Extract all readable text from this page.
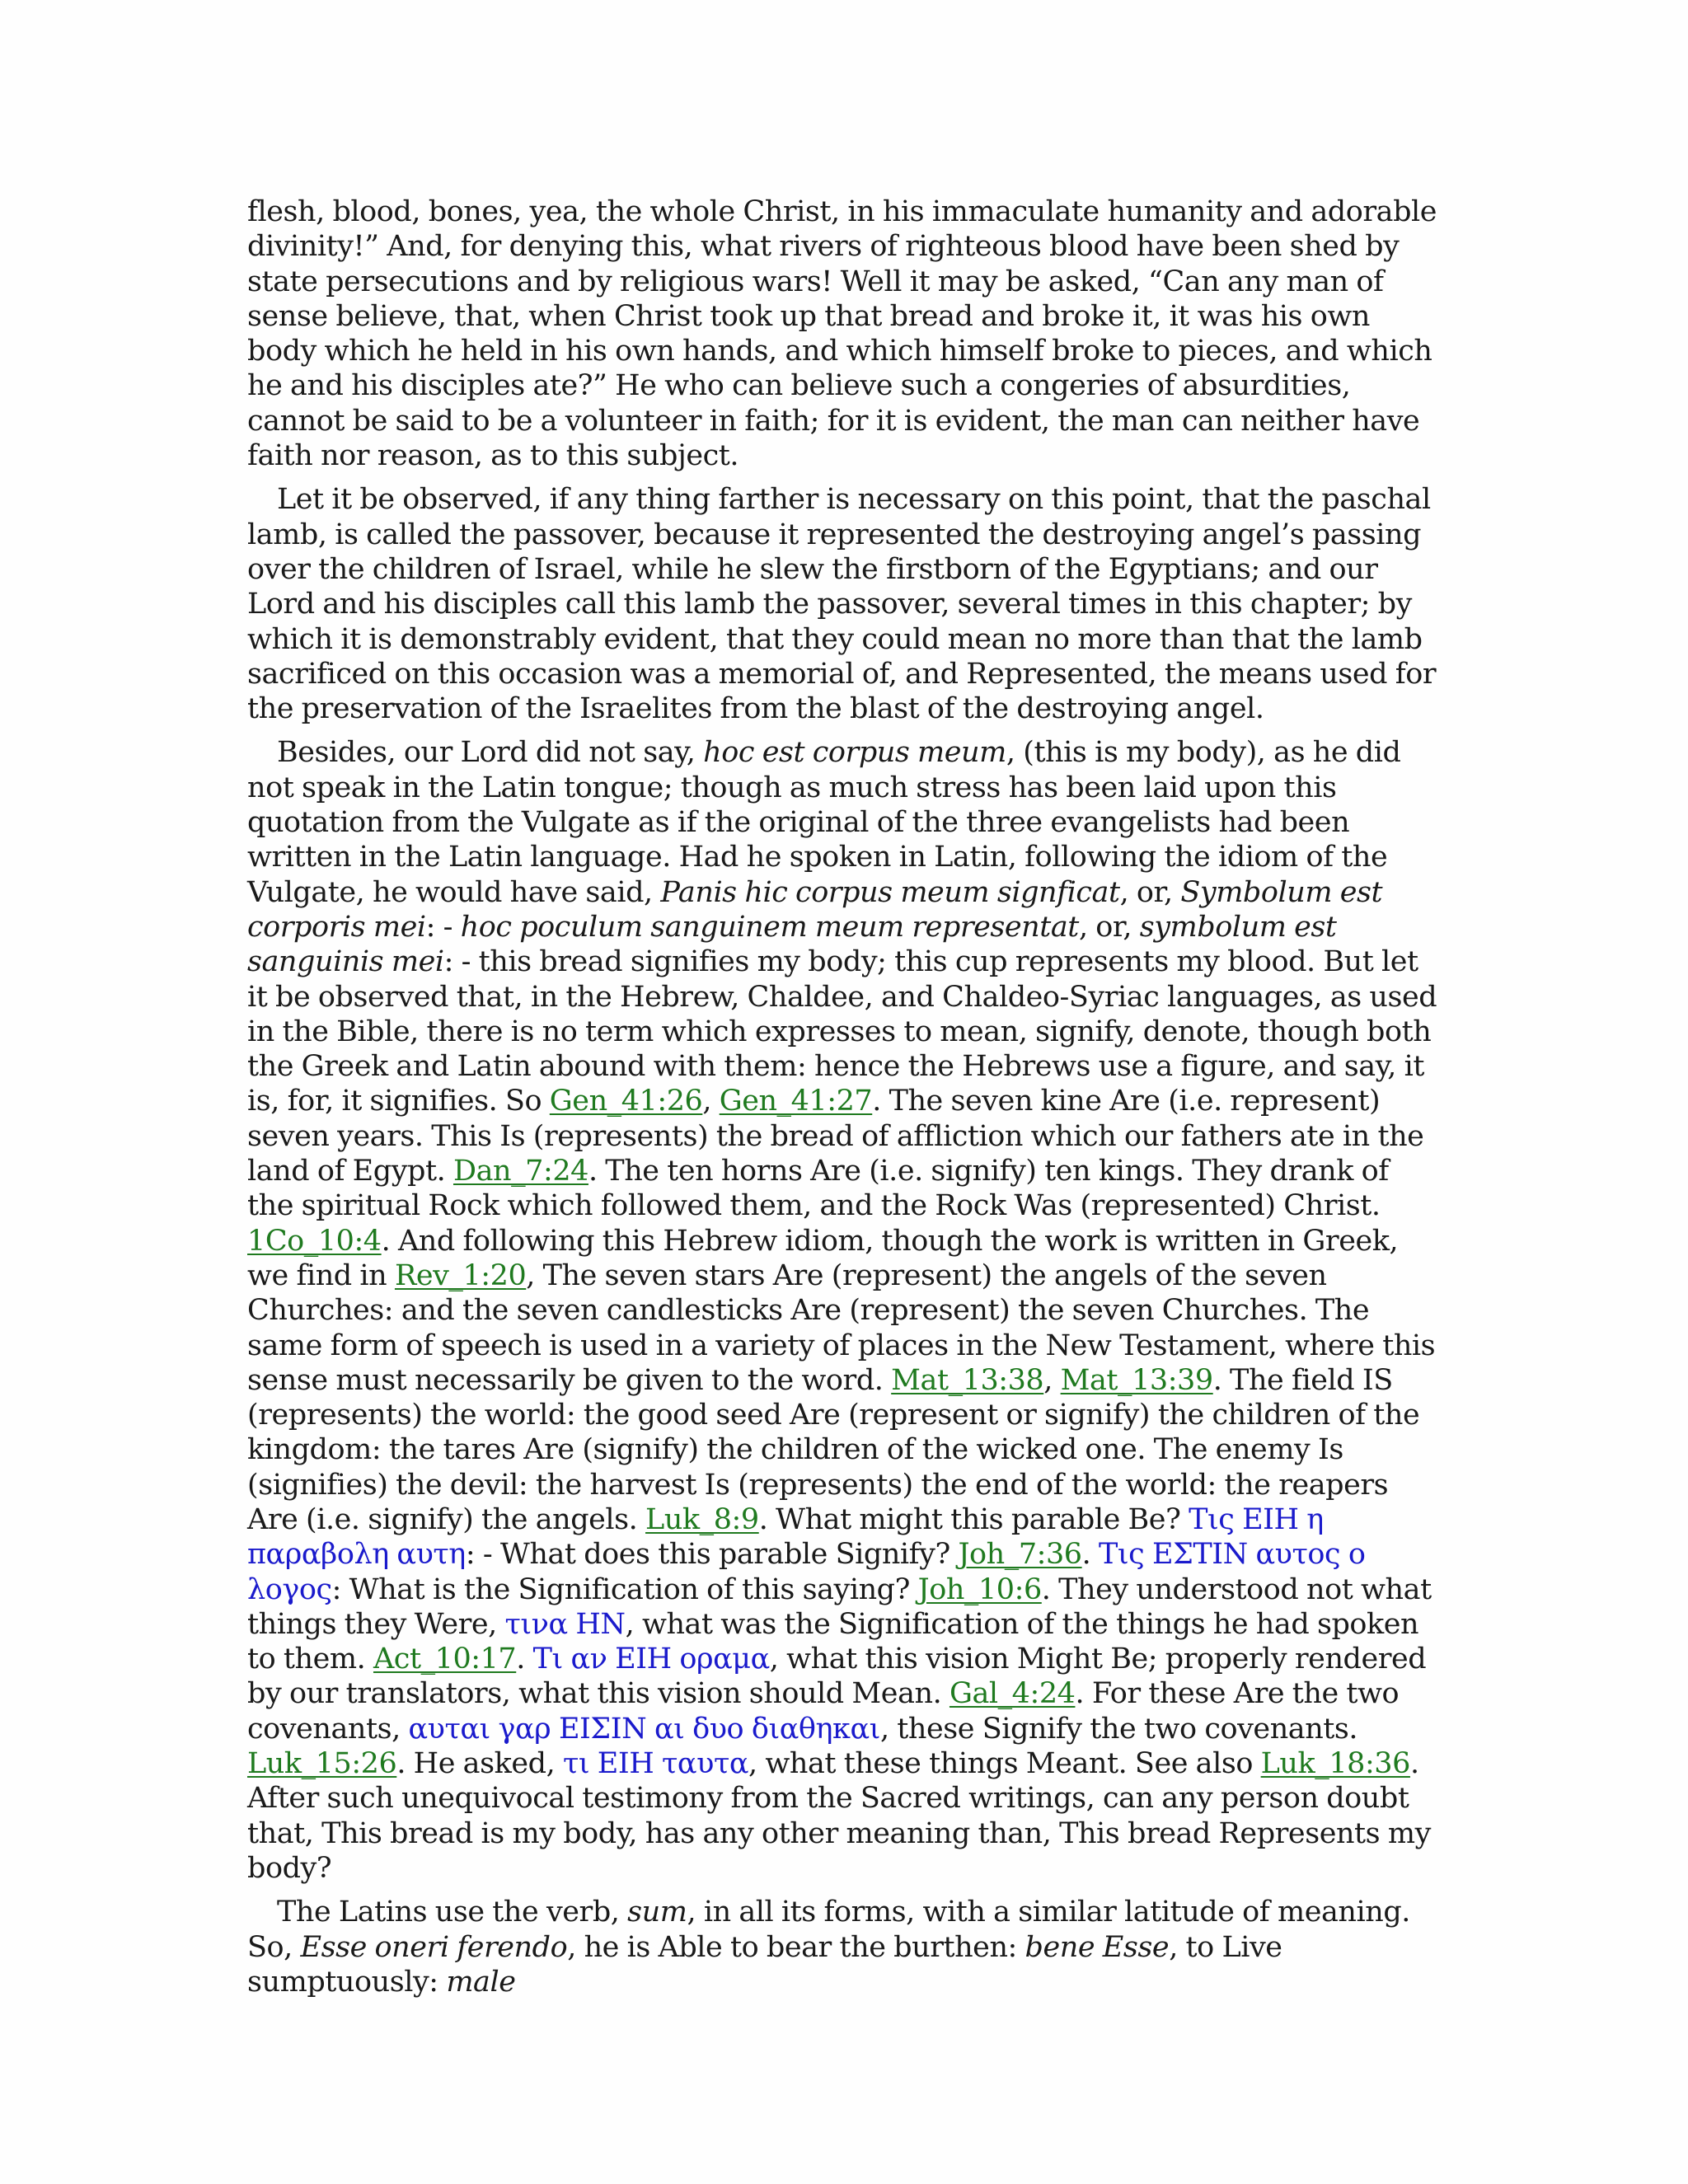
flesh, blood, bones, yea, the whole Christ, in his immaculate humanity and adorable divinity!” And, for denying this, what rivers of righteous blood have been shed by state persecutions and by religious wars! Well it may be asked, “Can any man of sense believe, that, when Christ took up that bread and broke it, it was his own body which he held in his own hands, and which himself broke to pieces, and which he and his disciples ate?” He who can believe such a congeries of absurdities, cannot be said to be a volunteer in faith; for it is evident, the man can neither have faith nor reason, as to this subject.

Let it be observed, if any thing farther is necessary on this point, that the paschal lamb, is called the passover, because it represented the destroying angel’s passing over the children of Israel, while he slew the firstborn of the Egyptians; and our Lord and his disciples call this lamb the passover, several times in this chapter; by which it is demonstrably evident, that they could mean no more than that the lamb sacrificed on this occasion was a memorial of, and Represented, the means used for the preservation of the Israelites from the blast of the destroying angel.

Besides, our Lord did not say, hoc est corpus meum, (this is my body), as he did not speak in the Latin tongue; though as much stress has been laid upon this quotation from the Vulgate as if the original of the three evangelists had been written in the Latin language. Had he spoken in Latin, following the idiom of the Vulgate, he would have said, Panis hic corpus meum signficat, or, Symbolum est corporis mei: - hoc poculum sanguinem meum representat, or, symbolum est sanguinis mei: - this bread signifies my body; this cup represents my blood. But let it be observed that, in the Hebrew, Chaldee, and Chaldeo-Syriac languages, as used in the Bible, there is no term which expresses to mean, signify, denote, though both the Greek and Latin abound with them: hence the Hebrews use a figure, and say, it is, for, it signifies. So Gen_41:26, Gen_41:27. The seven kine Are (i.e. represent) seven years. This Is (represents) the bread of affliction which our fathers ate in the land of Egypt. Dan_7:24. The ten horns Are (i.e. signify) ten kings. They drank of the spiritual Rock which followed them, and the Rock Was (represented) Christ. 1Co_10:4. And following this Hebrew idiom, though the work is written in Greek, we find in Rev_1:20, The seven stars Are (represent) the angels of the seven Churches: and the seven candlesticks Are (represent) the seven Churches. The same form of speech is used in a variety of places in the New Testament, where this sense must necessarily be given to the word. Mat_13:38, Mat_13:39. The field IS (represents) the world: the good seed Are (represent or signify) the children of the kingdom: the tares Are (signify) the children of the wicked one. The enemy Is (signifies) the devil: the harvest Is (represents) the end of the world: the reapers Are (i.e. signify) the angels. Luk_8:9. What might this parable Be? Τις ΕΙΗ η παραβολη αυτη: - What does this parable Signify? Joh_7:36. Τις ΕΣΤΙΝ αυτος ο λογος: What is the Signification of this saying? Joh_10:6. They understood not what things they Were, τινα ΗΝ, what was the Signification of the things he had spoken to them. Act_10:17. Τι αν ΕΙΗ οραμα, what this vision Might Be; properly rendered by our translators, what this vision should Mean. Gal_4:24. For these Are the two covenants, αυται γαρ ΕΙΣΙΝ αι δυο διαθηκαι, these Signify the two covenants. Luk_15:26. He asked, τι ΕΙΗ ταυτα, what these things Meant. See also Luk_18:36. After such unequivocal testimony from the Sacred writings, can any person doubt that, This bread is my body, has any other meaning than, This bread Represents my body?

The Latins use the verb, sum, in all its forms, with a similar latitude of meaning. So, Esse oneri ferendo, he is Able to bear the burthen: bene Esse, to Live sumptuously: male
